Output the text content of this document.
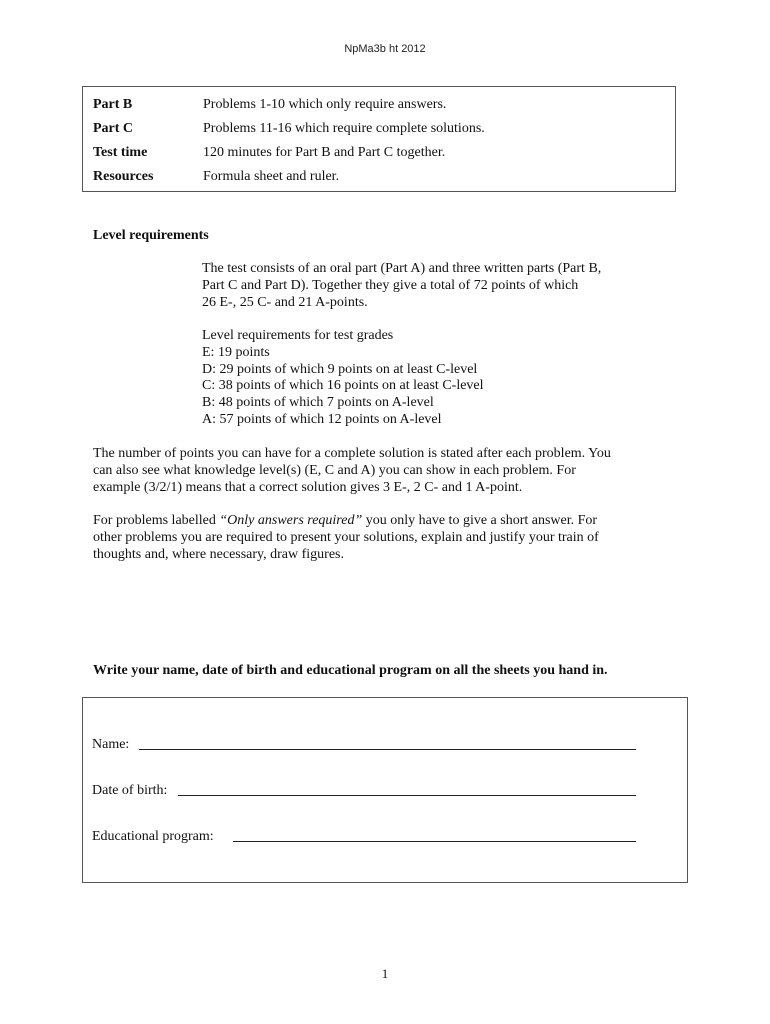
NpMa3b ht 2012
Part B	Problems 1-10 which only require answers.
Part C	Problems 11-16 which require complete solutions.
Test time	120 minutes for Part B and Part C together.
Resources	Formula sheet and ruler.
Level requirements
The test consists of an oral part (Part A) and three written parts (Part B,
Part C and Part D). Together they give a total of 72 points of which
26 E-, 25 C- and 21 A-points.
Level requirements for test grades
E: 19 points
D: 29 points of which 9 points on at least C-level
C: 38 points of which 16 points on at least C-level
B: 48 points of which 7 points on A-level
A: 57 points of which 12 points on A-level
The number of points you can have for a complete solution is stated after each problem. You
can also see what knowledge level(s) (E, C and A) you can show in each problem. For
example (3/2/1) means that a correct solution gives 3 E-, 2 C- and 1 A-point.
For problems labelled “Only answers required” you only have to give a short answer. For
other problems you are required to present your solutions, explain and justify your train of
thoughts and, where necessary, draw figures.
Write your name, date of birth and educational program on all the sheets you hand in.
Name:
Date of birth:
Educational program:
1
